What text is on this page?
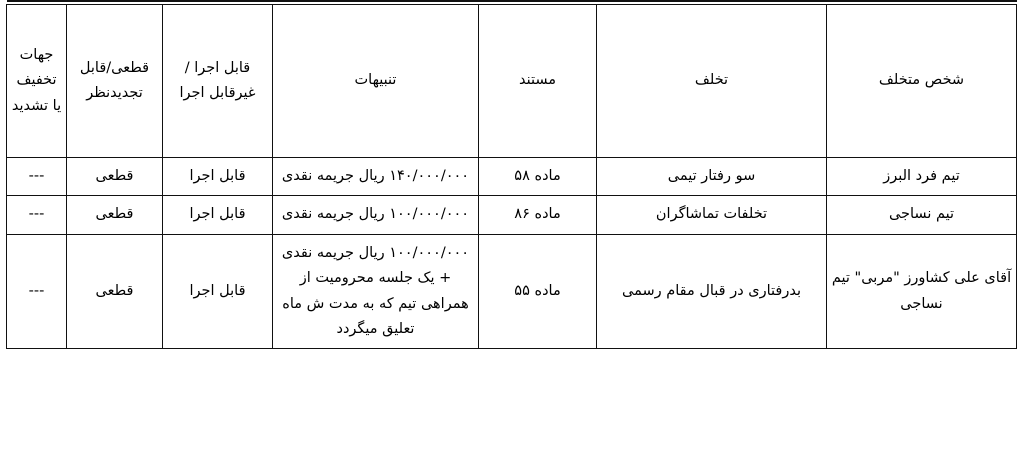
شخص متخلف	تخلف	مستند	تنبیهات	قابل اجرا /غیرقابل اجرا	قطعی/قابل تجدیدنظر	جهات تخفیف یا تشدید
تیم فرد البرز	سو رفتار تیمی	ماده ۵۸	۱۴۰/۰۰۰/۰۰۰ ریال جریمه نقدی	قابل اجرا	قطعی	---
تیم نساجی	تخلفات تماشاگران	ماده ۸۶	۱۰۰/۰۰۰/۰۰۰ ریال جریمه نقدی	قابل اجرا	قطعی	---
آقای علی کشاورز "مربی" تیم نساجی	بدرفتاری در قبال مقام رسمی	ماده ۵۵	۱۰۰/۰۰۰/۰۰۰ ریال جریمه نقدی + یک جلسه محرومیت از همراهی تیم که به مدت ش ماه تعلیق میگردد	قابل اجرا	قطعی	---
